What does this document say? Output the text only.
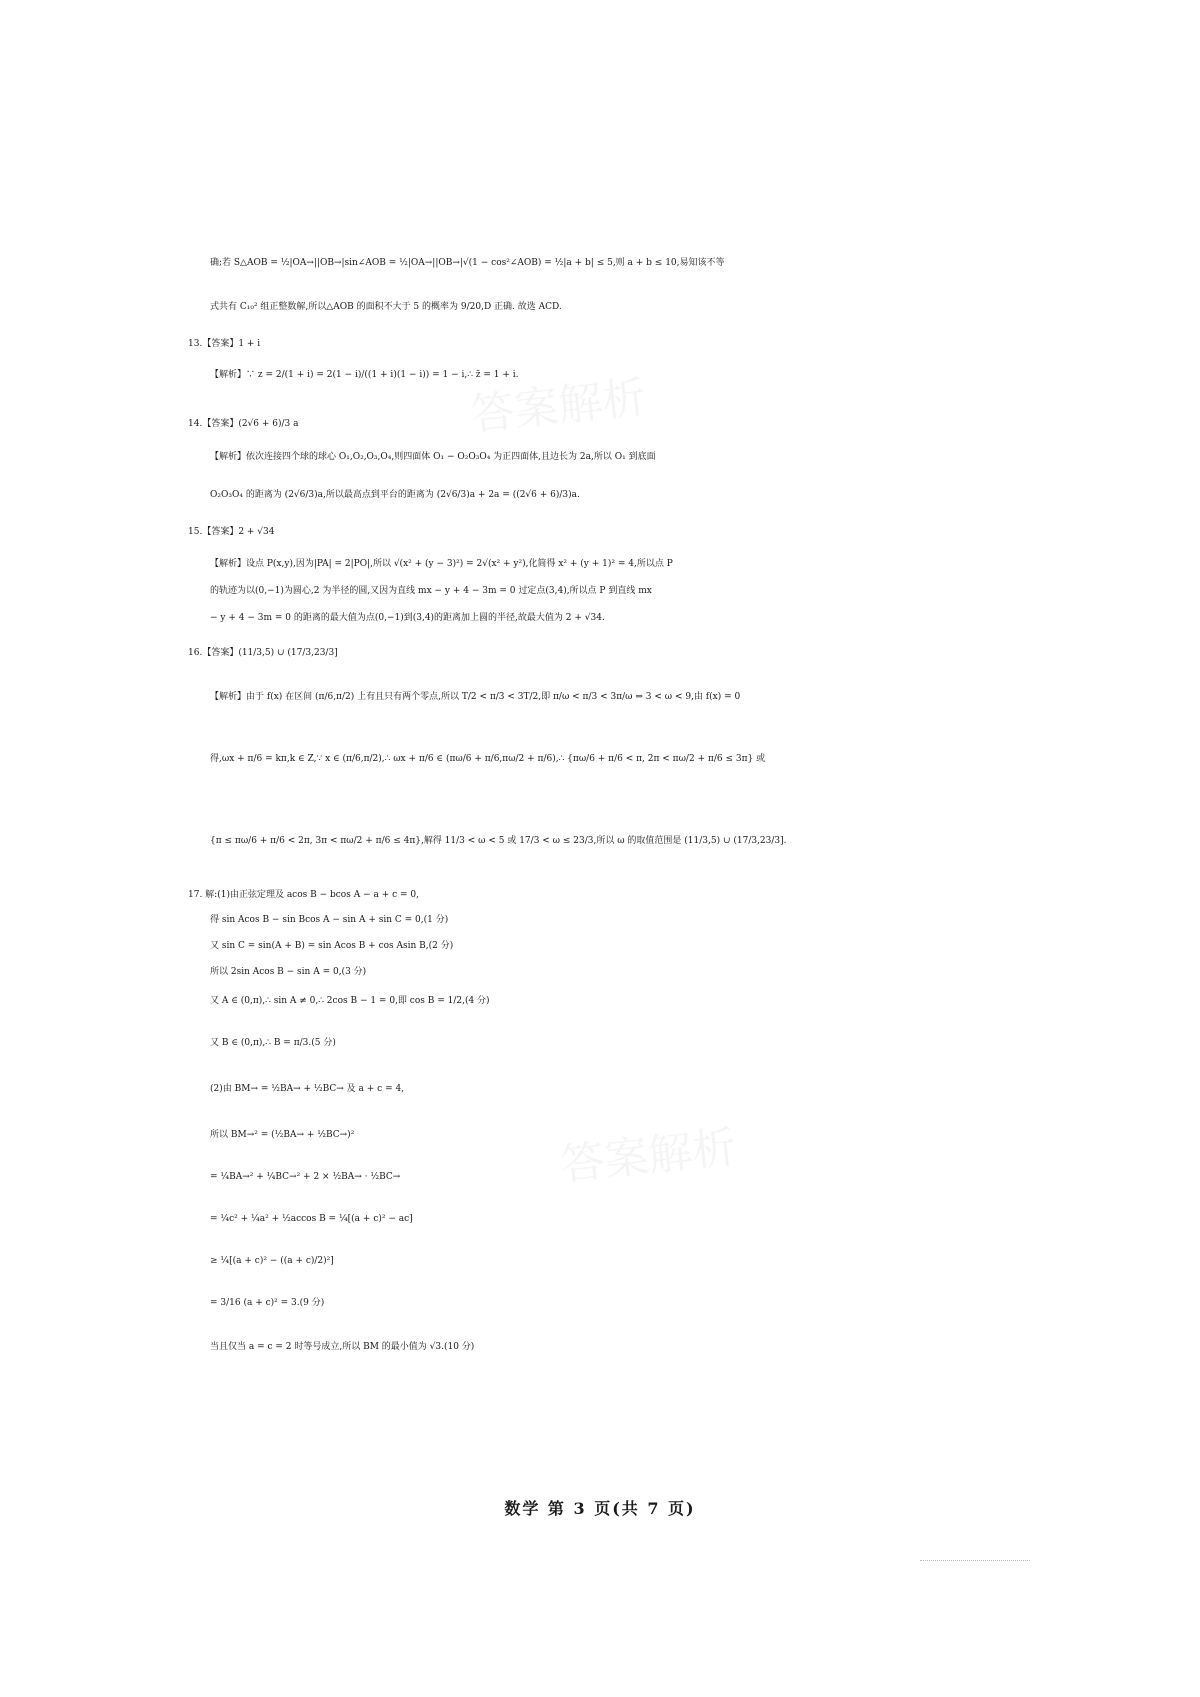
答案解析
答案解析
确;若 S△AOB = ½|OA→||OB→|sin∠AOB = ½|OA→||OB→|√(1 − cos²∠AOB) = ½|a + b| ≤ 5,则 a + b ≤ 10,易知该不等
式共有 C₁₀² 组正整数解,所以△AOB 的面积不大于 5 的概率为 9/20,D 正确. 故选 ACD.
13.【答案】1 + i
【解析】∵ z = 2/(1 + i) = 2(1 − i)/((1 + i)(1 − i)) = 1 − i,∴ z̄ = 1 + i.
14.【答案】(2√6 + 6)/3 a
【解析】依次连接四个球的球心 O₁,O₂,O₃,O₄,则四面体 O₁ − O₂O₃O₄ 为正四面体,且边长为 2a,所以 O₁ 到底面
O₂O₃O₄ 的距离为 (2√6/3)a,所以最高点到平台的距离为 (2√6/3)a + 2a = ((2√6 + 6)/3)a.
15.【答案】2 + √34
【解析】设点 P(x,y),因为|PA| = 2|PO|,所以 √(x² + (y − 3)²) = 2√(x² + y²),化简得 x² + (y + 1)² = 4,所以点 P
的轨迹为以(0,−1)为圆心,2 为半径的圆,又因为直线 mx − y + 4 − 3m = 0 过定点(3,4),所以点 P 到直线 mx
− y + 4 − 3m = 0 的距离的最大值为点(0,−1)到(3,4)的距离加上圆的半径,故最大值为 2 + √34.
16.【答案】(11/3,5) ∪ (17/3,23/3]
【解析】由于 f(x) 在区间 (π/6,π/2) 上有且只有两个零点,所以 T/2 < π/3 < 3T/2,即 π/ω < π/3 < 3π/ω ⇒ 3 < ω < 9,由 f(x) = 0
得,ωx + π/6 = kπ,k ∈ Z,∵ x ∈ (π/6,π/2),∴ ωx + π/6 ∈ (πω/6 + π/6,πω/2 + π/6),∴ {πω/6 + π/6 < π, 2π < πω/2 + π/6 ≤ 3π} 或
{π ≤ πω/6 + π/6 < 2π, 3π < πω/2 + π/6 ≤ 4π},解得 11/3 < ω < 5 或 17/3 < ω ≤ 23/3,所以 ω 的取值范围是 (11/3,5) ∪ (17/3,23/3].
17. 解:(1)由正弦定理及 acos B − bcos A − a + c = 0,
得 sin Acos B − sin Bcos A − sin A + sin C = 0,(1 分)
又 sin C = sin(A + B) = sin Acos B + cos Asin B,(2 分)
所以 2sin Acos B − sin A = 0,(3 分)
又 A ∈ (0,π),∴ sin A ≠ 0,∴ 2cos B − 1 = 0,即 cos B = 1/2,(4 分)
又 B ∈ (0,π),∴ B = π/3.(5 分)
(2)由 BM→ = ½BA→ + ½BC→ 及 a + c = 4,
所以 BM→² = (½BA→ + ½BC→)²
= ¼BA→² + ¼BC→² + 2 × ½BA→ · ½BC→
= ¼c² + ¼a² + ½accos B = ¼[(a + c)² − ac]
≥ ¼[(a + c)² − ((a + c)/2)²]
= 3/16 (a + c)² = 3.(9 分)
当且仅当 a = c = 2 时等号成立,所以 BM 的最小值为 √3.(10 分)
数学 第 3 页(共 7 页)
